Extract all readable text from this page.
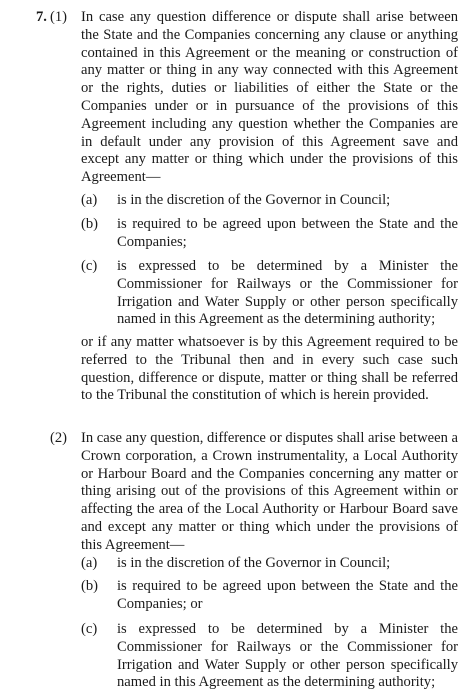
7. (1) In case any question difference or dispute shall arise between the State and the Companies concerning any clause or anything contained in this Agreement or the meaning or construction of any matter or thing in any way connected with this Agreement or the rights, duties or liabilities of either the State or the Companies under or in pursuance of the provisions of this Agreement including any question whether the Companies are in default under any provision of this Agreement save and except any matter or thing which under the provisions of this Agreement—
(a) is in the discretion of the Governor in Council;
(b) is required to be agreed upon between the State and the Companies;
(c) is expressed to be determined by a Minister the Commissioner for Railways or the Commissioner for Irrigation and Water Supply or other person specifically named in this Agreement as the determining authority;
or if any matter whatsoever is by this Agreement required to be referred to the Tribunal then and in every such case such question, difference or dispute, matter or thing shall be referred to the Tribunal the constitution of which is herein provided.
(2) In case any question, difference or disputes shall arise between a Crown corporation, a Crown instrumentality, a Local Authority or Harbour Board and the Companies concerning any matter or thing arising out of the provisions of this Agreement within or affecting the area of the Local Authority or Harbour Board save and except any matter or thing which under the provisions of this Agreement—
(a) is in the discretion of the Governor in Council;
(b) is required to be agreed upon between the State and the Companies; or
(c) is expressed to be determined by a Minister the Commissioner for Railways or the Commissioner for Irrigation and Water Supply or other person specifically named in this Agreement as the determining authority;
